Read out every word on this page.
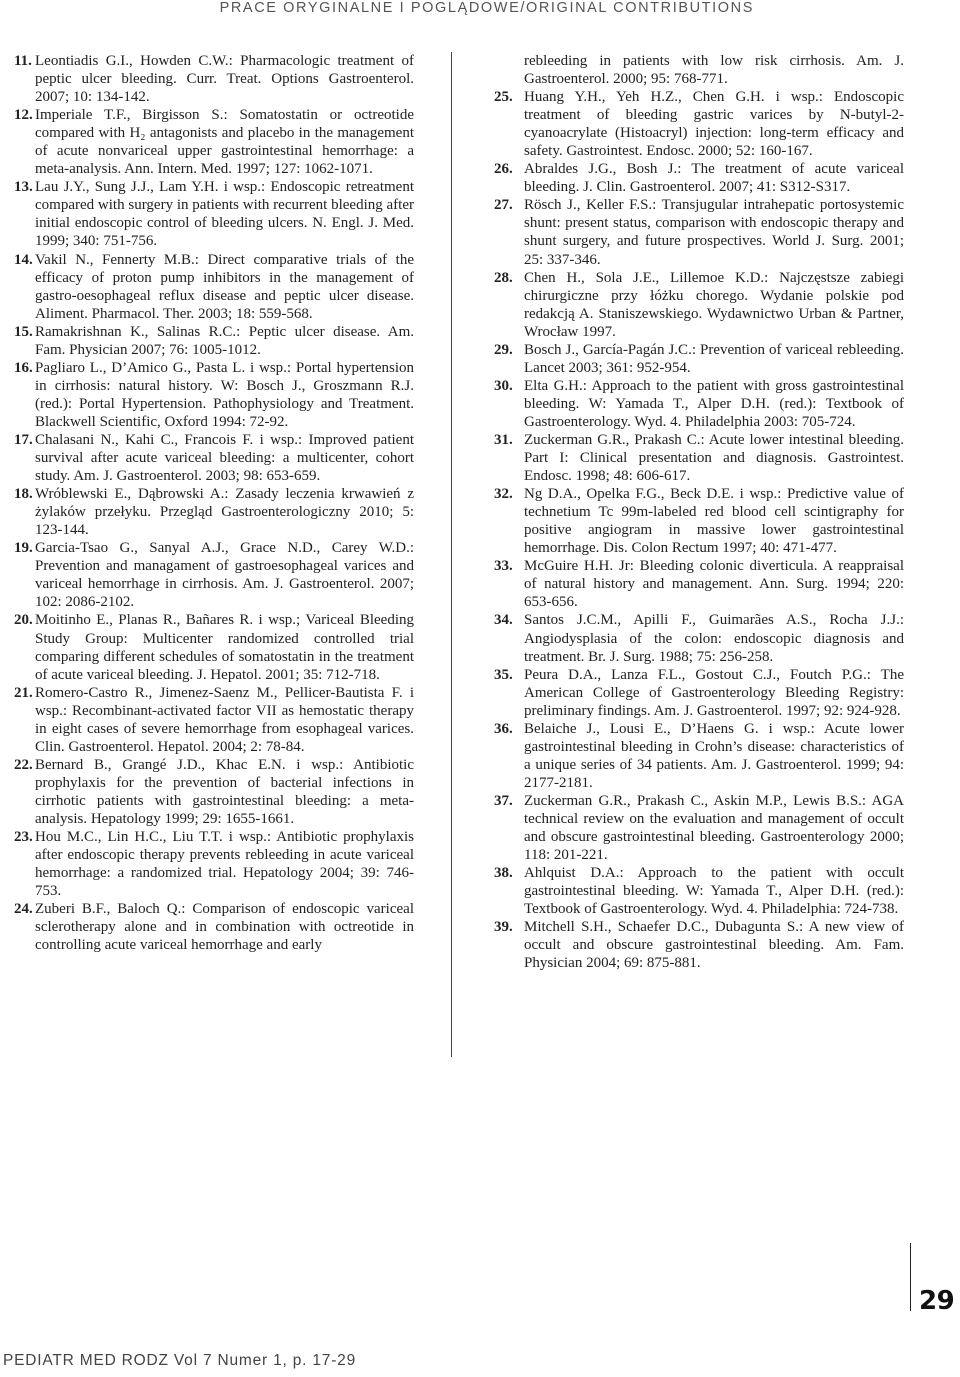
PRACE ORYGINALNE I POGLĄDOWE/ORIGINAL CONTRIBUTIONS
11. Leontiadis G.I., Howden C.W.: Pharmacologic treatment of peptic ulcer bleeding. Curr. Treat. Options Gastroenterol. 2007; 10: 134-142.
12. Imperiale T.F., Birgisson S.: Somatostatin or octreotide compared with H₂ antagonists and placebo in the management of acute nonvariceal upper gastrointestinal hemorrhage: a meta-analysis. Ann. Intern. Med. 1997; 127: 1062-1071.
13. Lau J.Y., Sung J.J., Lam Y.H. i wsp.: Endoscopic retreatment compared with surgery in patients with recurrent bleeding after initial endoscopic control of bleeding ulcers. N. Engl. J. Med. 1999; 340: 751-756.
14. Vakil N., Fennerty M.B.: Direct comparative trials of the efficacy of proton pump inhibitors in the management of gastro-oesophageal reflux disease and peptic ulcer disease. Aliment. Pharmacol. Ther. 2003; 18: 559-568.
15. Ramakrishnan K., Salinas R.C.: Peptic ulcer disease. Am. Fam. Physician 2007; 76: 1005-1012.
16. Pagliaro L., D’Amico G., Pasta L. i wsp.: Portal hypertension in cirrhosis: natural history. W: Bosch J., Groszmann R.J. (red.): Portal Hypertension. Pathophysiology and Treatment. Blackwell Scientific, Oxford 1994: 72-92.
17. Chalasani N., Kahi C., Francois F. i wsp.: Improved patient survival after acute variceal bleeding: a multicenter, cohort study. Am. J. Gastroenterol. 2003; 98: 653-659.
18. Wróblewski E., Dąbrowski A.: Zasady leczenia krwawień z żylaków przełyku. Przegląd Gastroenterologiczny 2010; 5: 123-144.
19. Garcia-Tsao G., Sanyal A.J., Grace N.D., Carey W.D.: Prevention and managament of gastroesophageal varices and variceal hemorrhage in cirrhosis. Am. J. Gastroenterol. 2007; 102: 2086-2102.
20. Moitinho E., Planas R., Bañares R. i wsp.; Variceal Bleeding Study Group: Multicenter randomized controlled trial comparing different schedules of somatostatin in the treatment of acute variceal bleeding. J. Hepatol. 2001; 35: 712-718.
21. Romero-Castro R., Jimenez-Saenz M., Pellicer-Bautista F. i wsp.: Recombinant-activated factor VII as hemostatic therapy in eight cases of severe hemorrhage from esophageal varices. Clin. Gastroenterol. Hepatol. 2004; 2: 78-84.
22. Bernard B., Grangé J.D., Khac E.N. i wsp.: Antibiotic prophylaxis for the prevention of bacterial infections in cirrhotic patients with gastrointestinal bleeding: a meta-analysis. Hepatology 1999; 29: 1655-1661.
23. Hou M.C., Lin H.C., Liu T.T. i wsp.: Antibiotic prophylaxis after endoscopic therapy prevents rebleeding in acute variceal hemorrhage: a randomized trial. Hepatology 2004; 39: 746-753.
24. Zuberi B.F., Baloch Q.: Comparison of endoscopic variceal sclerotherapy alone and in combination with octreotide in controlling acute variceal hemorrhage and early
rebleeding in patients with low risk cirrhosis. Am. J. Gastroenterol. 2000; 95: 768-771.
25. Huang Y.H., Yeh H.Z., Chen G.H. i wsp.: Endoscopic treatment of bleeding gastric varices by N-butyl-2-cyanoacrylate (Histoacryl) injection: long-term efficacy and safety. Gastrointest. Endosc. 2000; 52: 160-167.
26. Abraldes J.G., Bosh J.: The treatment of acute variceal bleeding. J. Clin. Gastroenterol. 2007; 41: S312-S317.
27. Rösch J., Keller F.S.: Transjugular intrahepatic portosystemic shunt: present status, comparison with endoscopic therapy and shunt surgery, and future prospectives. World J. Surg. 2001; 25: 337-346.
28. Chen H., Sola J.E., Lillemoe K.D.: Najczęstsze zabiegi chirurgiczne przy łóżku chorego. Wydanie polskie pod redakcją A. Staniszewskiego. Wydawnictwo Urban & Partner, Wrocław 1997.
29. Bosch J., García-Pagán J.C.: Prevention of variceal rebleeding. Lancet 2003; 361: 952-954.
30. Elta G.H.: Approach to the patient with gross gastrointestinal bleeding. W: Yamada T., Alper D.H. (red.): Textbook of Gastroenterology. Wyd. 4. Philadelphia 2003: 705-724.
31. Zuckerman G.R., Prakash C.: Acute lower intestinal bleeding. Part I: Clinical presentation and diagnosis. Gastrointest. Endosc. 1998; 48: 606-617.
32. Ng D.A., Opelka F.G., Beck D.E. i wsp.: Predictive value of technetium Tc 99m-labeled red blood cell scintigraphy for positive angiogram in massive lower gastrointestinal hemorrhage. Dis. Colon Rectum 1997; 40: 471-477.
33. McGuire H.H. Jr: Bleeding colonic diverticula. A reappraisal of natural history and management. Ann. Surg. 1994; 220: 653-656.
34. Santos J.C.M., Apilli F., Guimarães A.S., Rocha J.J.: Angiodysplasia of the colon: endoscopic diagnosis and treatment. Br. J. Surg. 1988; 75: 256-258.
35. Peura D.A., Lanza F.L., Gostout C.J., Foutch P.G.: The American College of Gastroenterology Bleeding Registry: preliminary findings. Am. J. Gastroenterol. 1997; 92: 924-928.
36. Belaiche J., Lousi E., D’Haens G. i wsp.: Acute lower gastrointestinal bleeding in Crohn’s disease: characteristics of a unique series of 34 patients. Am. J. Gastroenterol. 1999; 94: 2177-2181.
37. Zuckerman G.R., Prakash C., Askin M.P., Lewis B.S.: AGA technical review on the evaluation and management of occult and obscure gastrointestinal bleeding. Gastroenterology 2000; 118: 201-221.
38. Ahlquist D.A.: Approach to the patient with occult gastrointestinal bleeding. W: Yamada T., Alper D.H. (red.): Textbook of Gastroenterology. Wyd. 4. Philadelphia: 724-738.
39. Mitchell S.H., Schaefer D.C., Dubagunta S.: A new view of occult and obscure gastrointestinal bleeding. Am. Fam. Physician 2004; 69: 875-881.
29
PEDIATR MED RODZ Vol 7 Numer 1, p. 17-29
